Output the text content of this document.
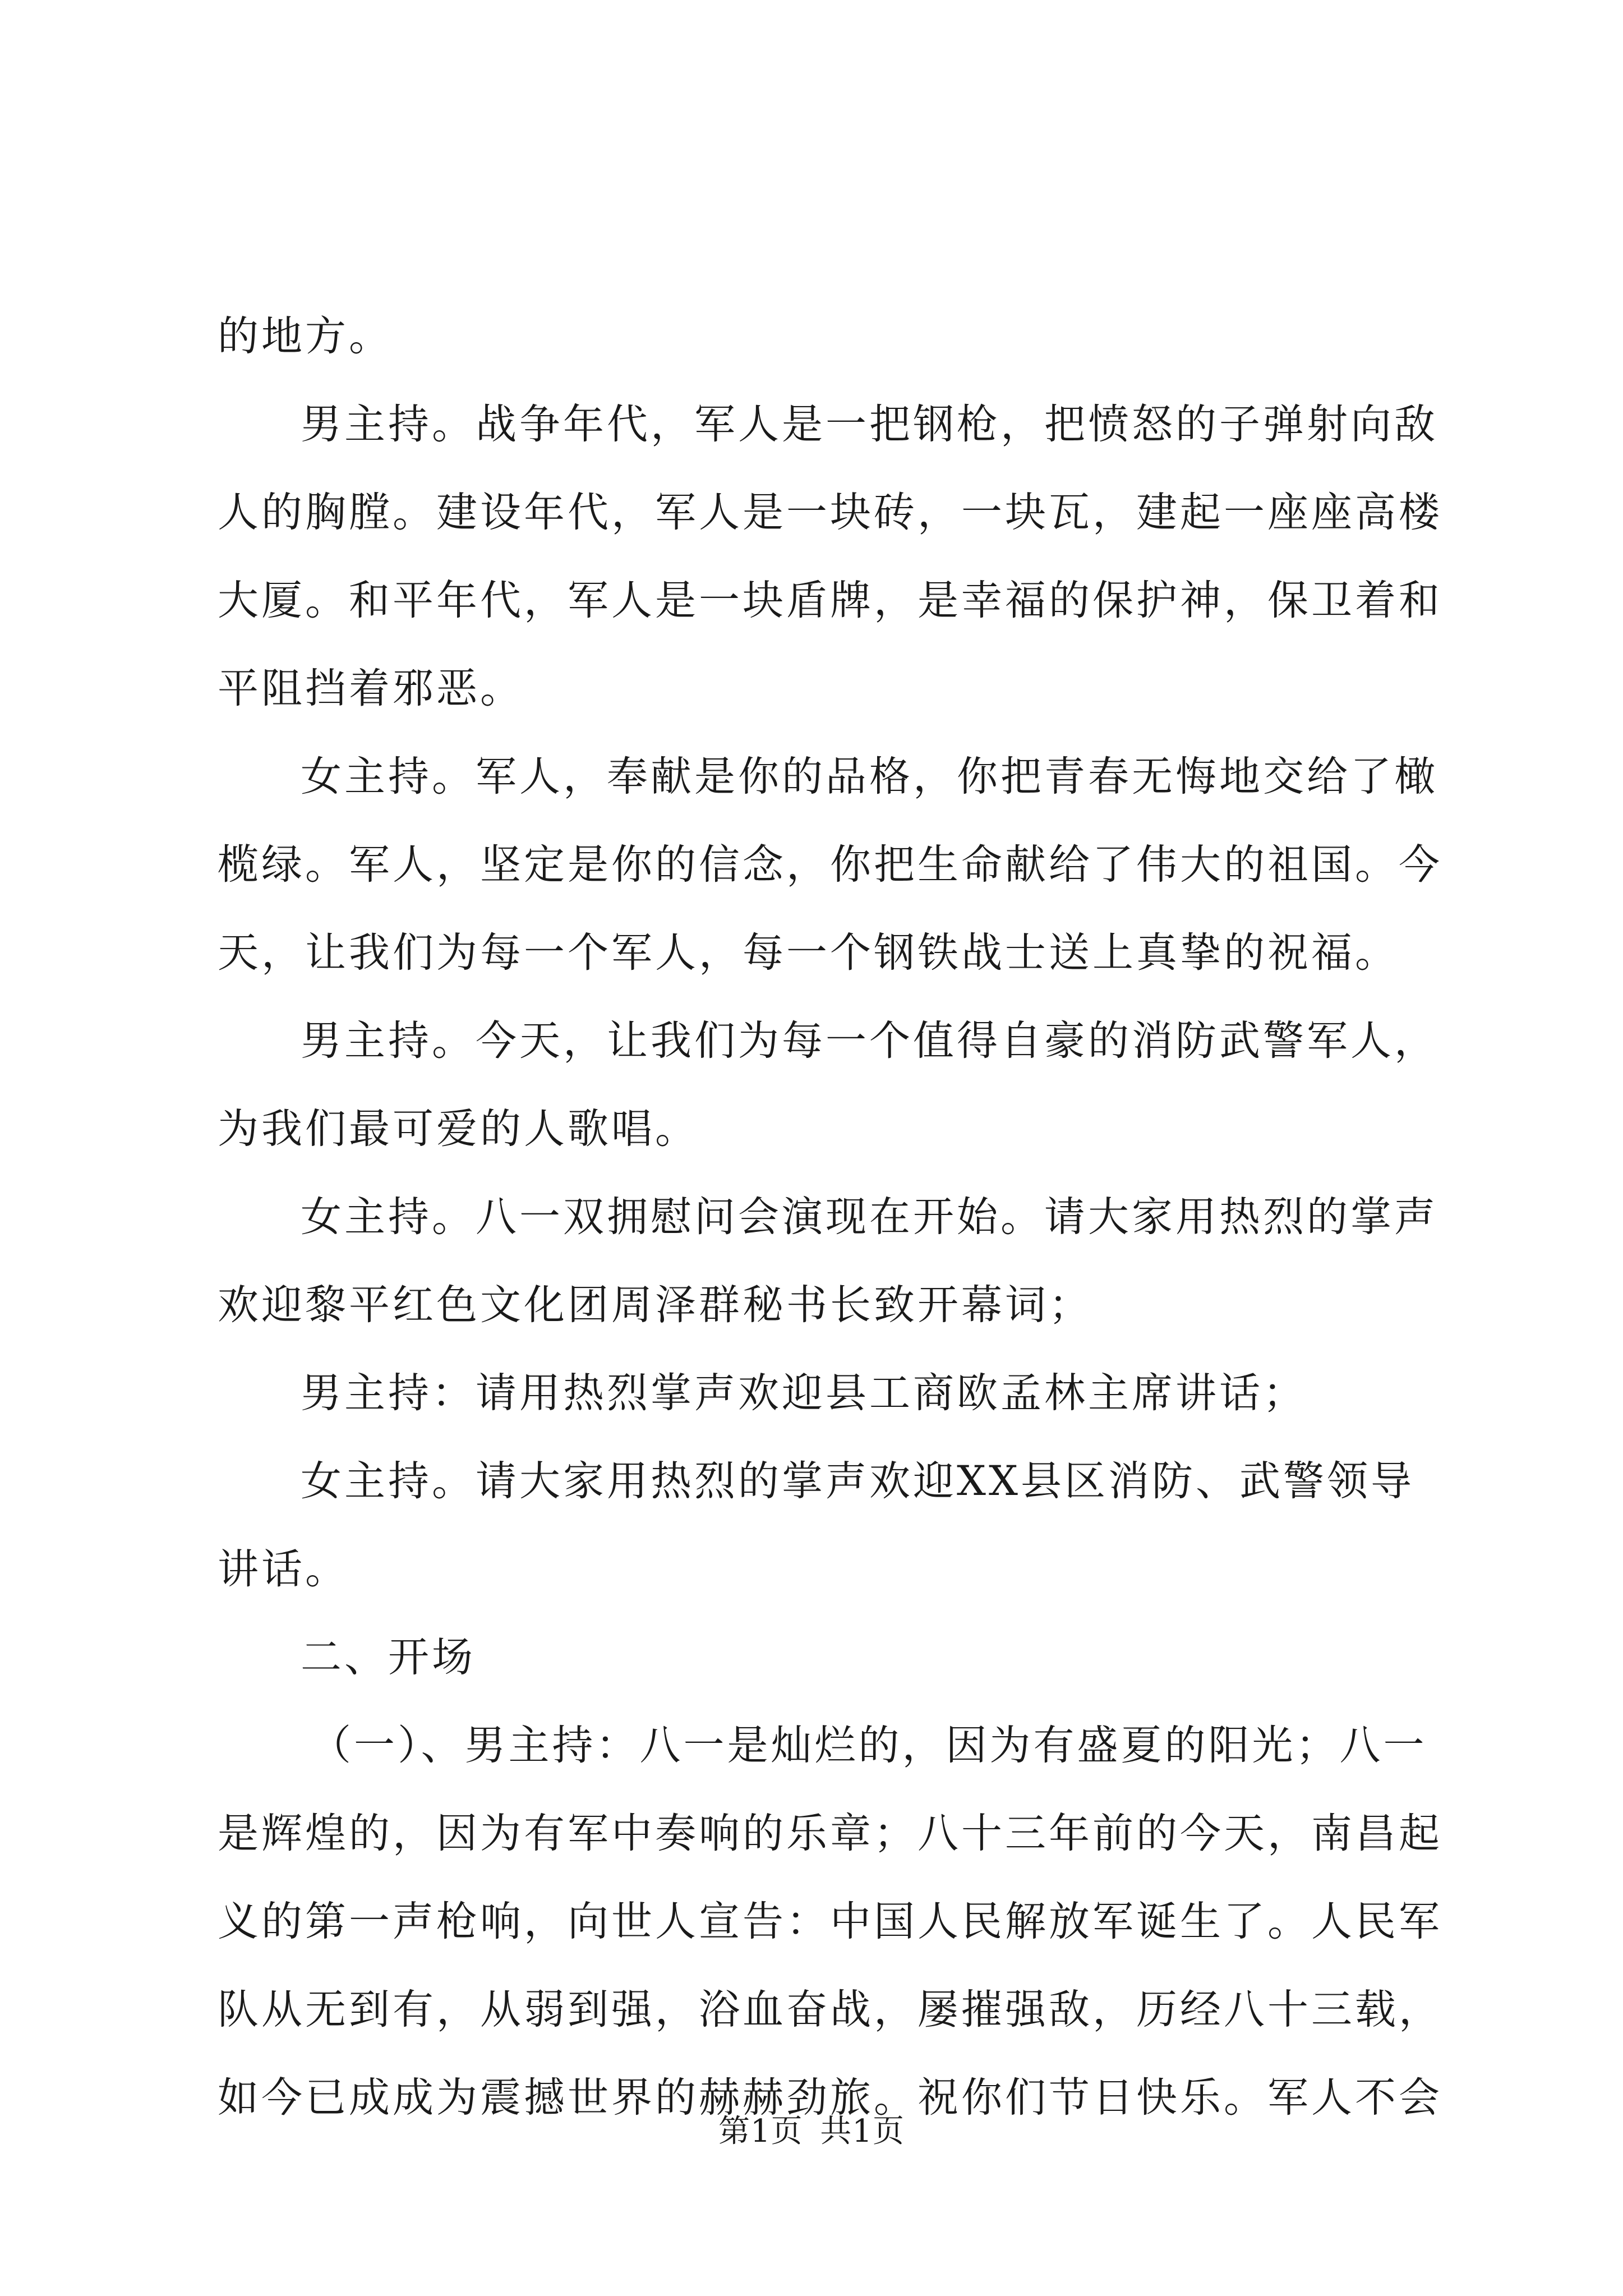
的地方。
男主持。战争年代，军人是一把钢枪，把愤怒的子弹射向敌
人的胸膛。建设年代，军人是一块砖，一块瓦，建起一座座高楼
大厦。和平年代，军人是一块盾牌，是幸福的保护神，保卫着和
平阻挡着邪恶。
女主持。军人，奉献是你的品格，你把青春无悔地交给了橄
榄绿。军人，坚定是你的信念，你把生命献给了伟大的祖国。今
天，让我们为每一个军人，每一个钢铁战士送上真挚的祝福。
男主持。今天，让我们为每一个值得自豪的消防武警军人，
为我们最可爱的人歌唱。
女主持。八一双拥慰问会演现在开始。请大家用热烈的掌声
欢迎黎平红色文化团周泽群秘书长致开幕词；
男主持：请用热烈掌声欢迎县工商欧孟林主席讲话；
女主持。请大家用热烈的掌声欢迎XX县区消防、武警领导
讲话。
二、开场
（一）、男主持：八一是灿烂的，因为有盛夏的阳光；八一
是辉煌的，因为有军中奏响的乐章；八十三年前的今天，南昌起
义的第一声枪响，向世人宣告：中国人民解放军诞生了。人民军
队从无到有，从弱到强，浴血奋战，屡摧强敌，历经八十三载，
如今已成成为震撼世界的赫赫劲旅。祝你们节日快乐。军人不会
第1页 共1页
